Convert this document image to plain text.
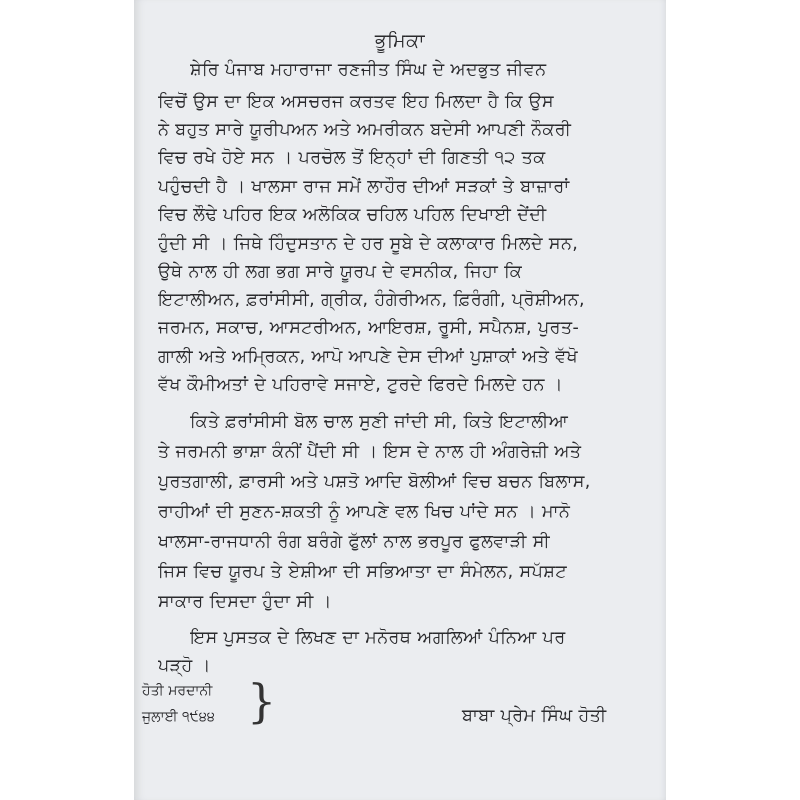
ਭੂਮਿਕਾ
ਸ਼ੇਰਿ ਪੰਜਾਬ ਮਹਾਰਾਜਾ ਰਣਜੀਤ ਸਿੰਘ ਦੇ ਅਦਭੁਤ ਜੀਵਨ
ਵਿਚੋਂ ਉਸ ਦਾ ਇਕ ਅਸਚਰਜ ਕਰਤਵ ਇਹ ਮਿਲਦਾ ਹੈ ਕਿ ਉਸ
ਨੇ ਬਹੁਤ ਸਾਰੇ ਯੂਰੀਪਅਨ ਅਤੇ ਅਮਰੀਕਨ ਬਦੇਸੀ ਆਪਣੀ ਨੌਕਰੀ
ਵਿਚ ਰਖੇ ਹੋਏ ਸਨ । ਪਰਚੋਲ ਤੋਂ ਇਨ੍ਹਾਂ ਦੀ ਗਿਣਤੀ ੧੨ ਤਕ
ਪਹੁੰਚਦੀ ਹੈ । ਖਾਲਸਾ ਰਾਜ ਸਮੇਂ ਲਾਹੌਰ ਦੀਆਂ ਸੜਕਾਂ ਤੇ ਬਾਜ਼ਾਰਾਂ
ਵਿਚ ਲੌਢੇ ਪਹਿਰ ਇਕ ਅਲੋਕਿਕ ਚਹਿਲ ਪਹਿਲ ਦਿਖਾਈ ਦੇਂਦੀ
ਹੁੰਦੀ ਸੀ । ਜਿਥੇ ਹਿੰਦੁਸਤਾਨ ਦੇ ਹਰ ਸੂਬੇ ਦੇ ਕਲਾਕਾਰ ਮਿਲਦੇ ਸਨ,
ਉਥੇ ਨਾਲ ਹੀ ਲਗ ਭਗ ਸਾਰੇ ਯੂਰਪ ਦੇ ਵਸਨੀਕ, ਜਿਹਾ ਕਿ
ਇਟਾਲੀਅਨ, ਫ਼ਰਾਂਸੀਸੀ, ਗ੍ਰੀਕ, ਹੰਗੇਰੀਅਨ, ਫ਼ਿਰੰਗੀ, ਪ੍ਰੋਸ਼ੀਅਨ,
ਜਰਮਨ, ਸਕਾਚ, ਆਸਟਰੀਅਨ, ਆਇਰਸ਼, ਰੂਸੀ, ਸਪੈਨਸ਼, ਪੁਰਤ-
ਗਾਲੀ ਅਤੇ ਅਮ੍ਰਿਕਨ, ਆਪੋ ਆਪਣੇ ਦੇਸ ਦੀਆਂ ਪੁਸ਼ਾਕਾਂ ਅਤੇ ਵੱਖੋ
ਵੱਖ ਕੌਮੀਅਤਾਂ ਦੇ ਪਹਿਰਾਵੇ ਸਜਾਏ, ਟੁਰਦੇ ਫਿਰਦੇ ਮਿਲਦੇ ਹਨ ।
ਕਿਤੇ ਫ਼ਰਾਂਸੀਸੀ ਬੋਲ ਚਾਲ ਸੁਣੀ ਜਾਂਦੀ ਸੀ, ਕਿਤੇ ਇਟਾਲੀਆ
ਤੇ ਜਰਮਨੀ ਭਾਸ਼ਾ ਕੰਨੀਂ ਪੈਂਦੀ ਸੀ । ਇਸ ਦੇ ਨਾਲ ਹੀ ਅੰਗਰੇਜ਼ੀ ਅਤੇ
ਪੁਰਤਗਾਲੀ, ਫ਼ਾਰਸੀ ਅਤੇ ਪਸ਼ਤੋ ਆਦਿ ਬੋਲੀਆਂ ਵਿਚ ਬਚਨ ਬਿਲਾਸ,
ਰਾਹੀਆਂ ਦੀ ਸੁਣਨ-ਸ਼ਕਤੀ ਨੂੰ ਆਪਣੇ ਵਲ ਖਿਚ ਪਾਂਦੇ ਸਨ । ਮਾਨੋ
ਖਾਲਸਾ-ਰਾਜਧਾਨੀ ਰੰਗ ਬਰੰਗੇ ਫੁੱਲਾਂ ਨਾਲ ਭਰਪੂਰ ਫੁਲਵਾੜੀ ਸੀ
ਜਿਸ ਵਿਚ ਯੂਰਪ ਤੇ ਏਸ਼ੀਆ ਦੀ ਸਭਿਆਤਾ ਦਾ ਸੰਮੇਲਨ, ਸਪੱਸ਼ਟ
ਸਾਕਾਰ ਦਿਸਦਾ ਹੁੰਦਾ ਸੀ ।
ਇਸ ਪੁਸਤਕ ਦੇ ਲਿਖਣ ਦਾ ਮਨੋਰਥ ਅਗਲਿਆਂ ਪੰਨਿਆ ਪਰ
ਪੜ੍ਹੋ ।
ਹੋਤੀ ਮਰਦਾਨੀ
ਜੁਲਾਈ ੧੯੪੪ }	ਬਾਬਾ ਪ੍ਰੇਮ ਸਿੰਘ ਹੋਤੀ
